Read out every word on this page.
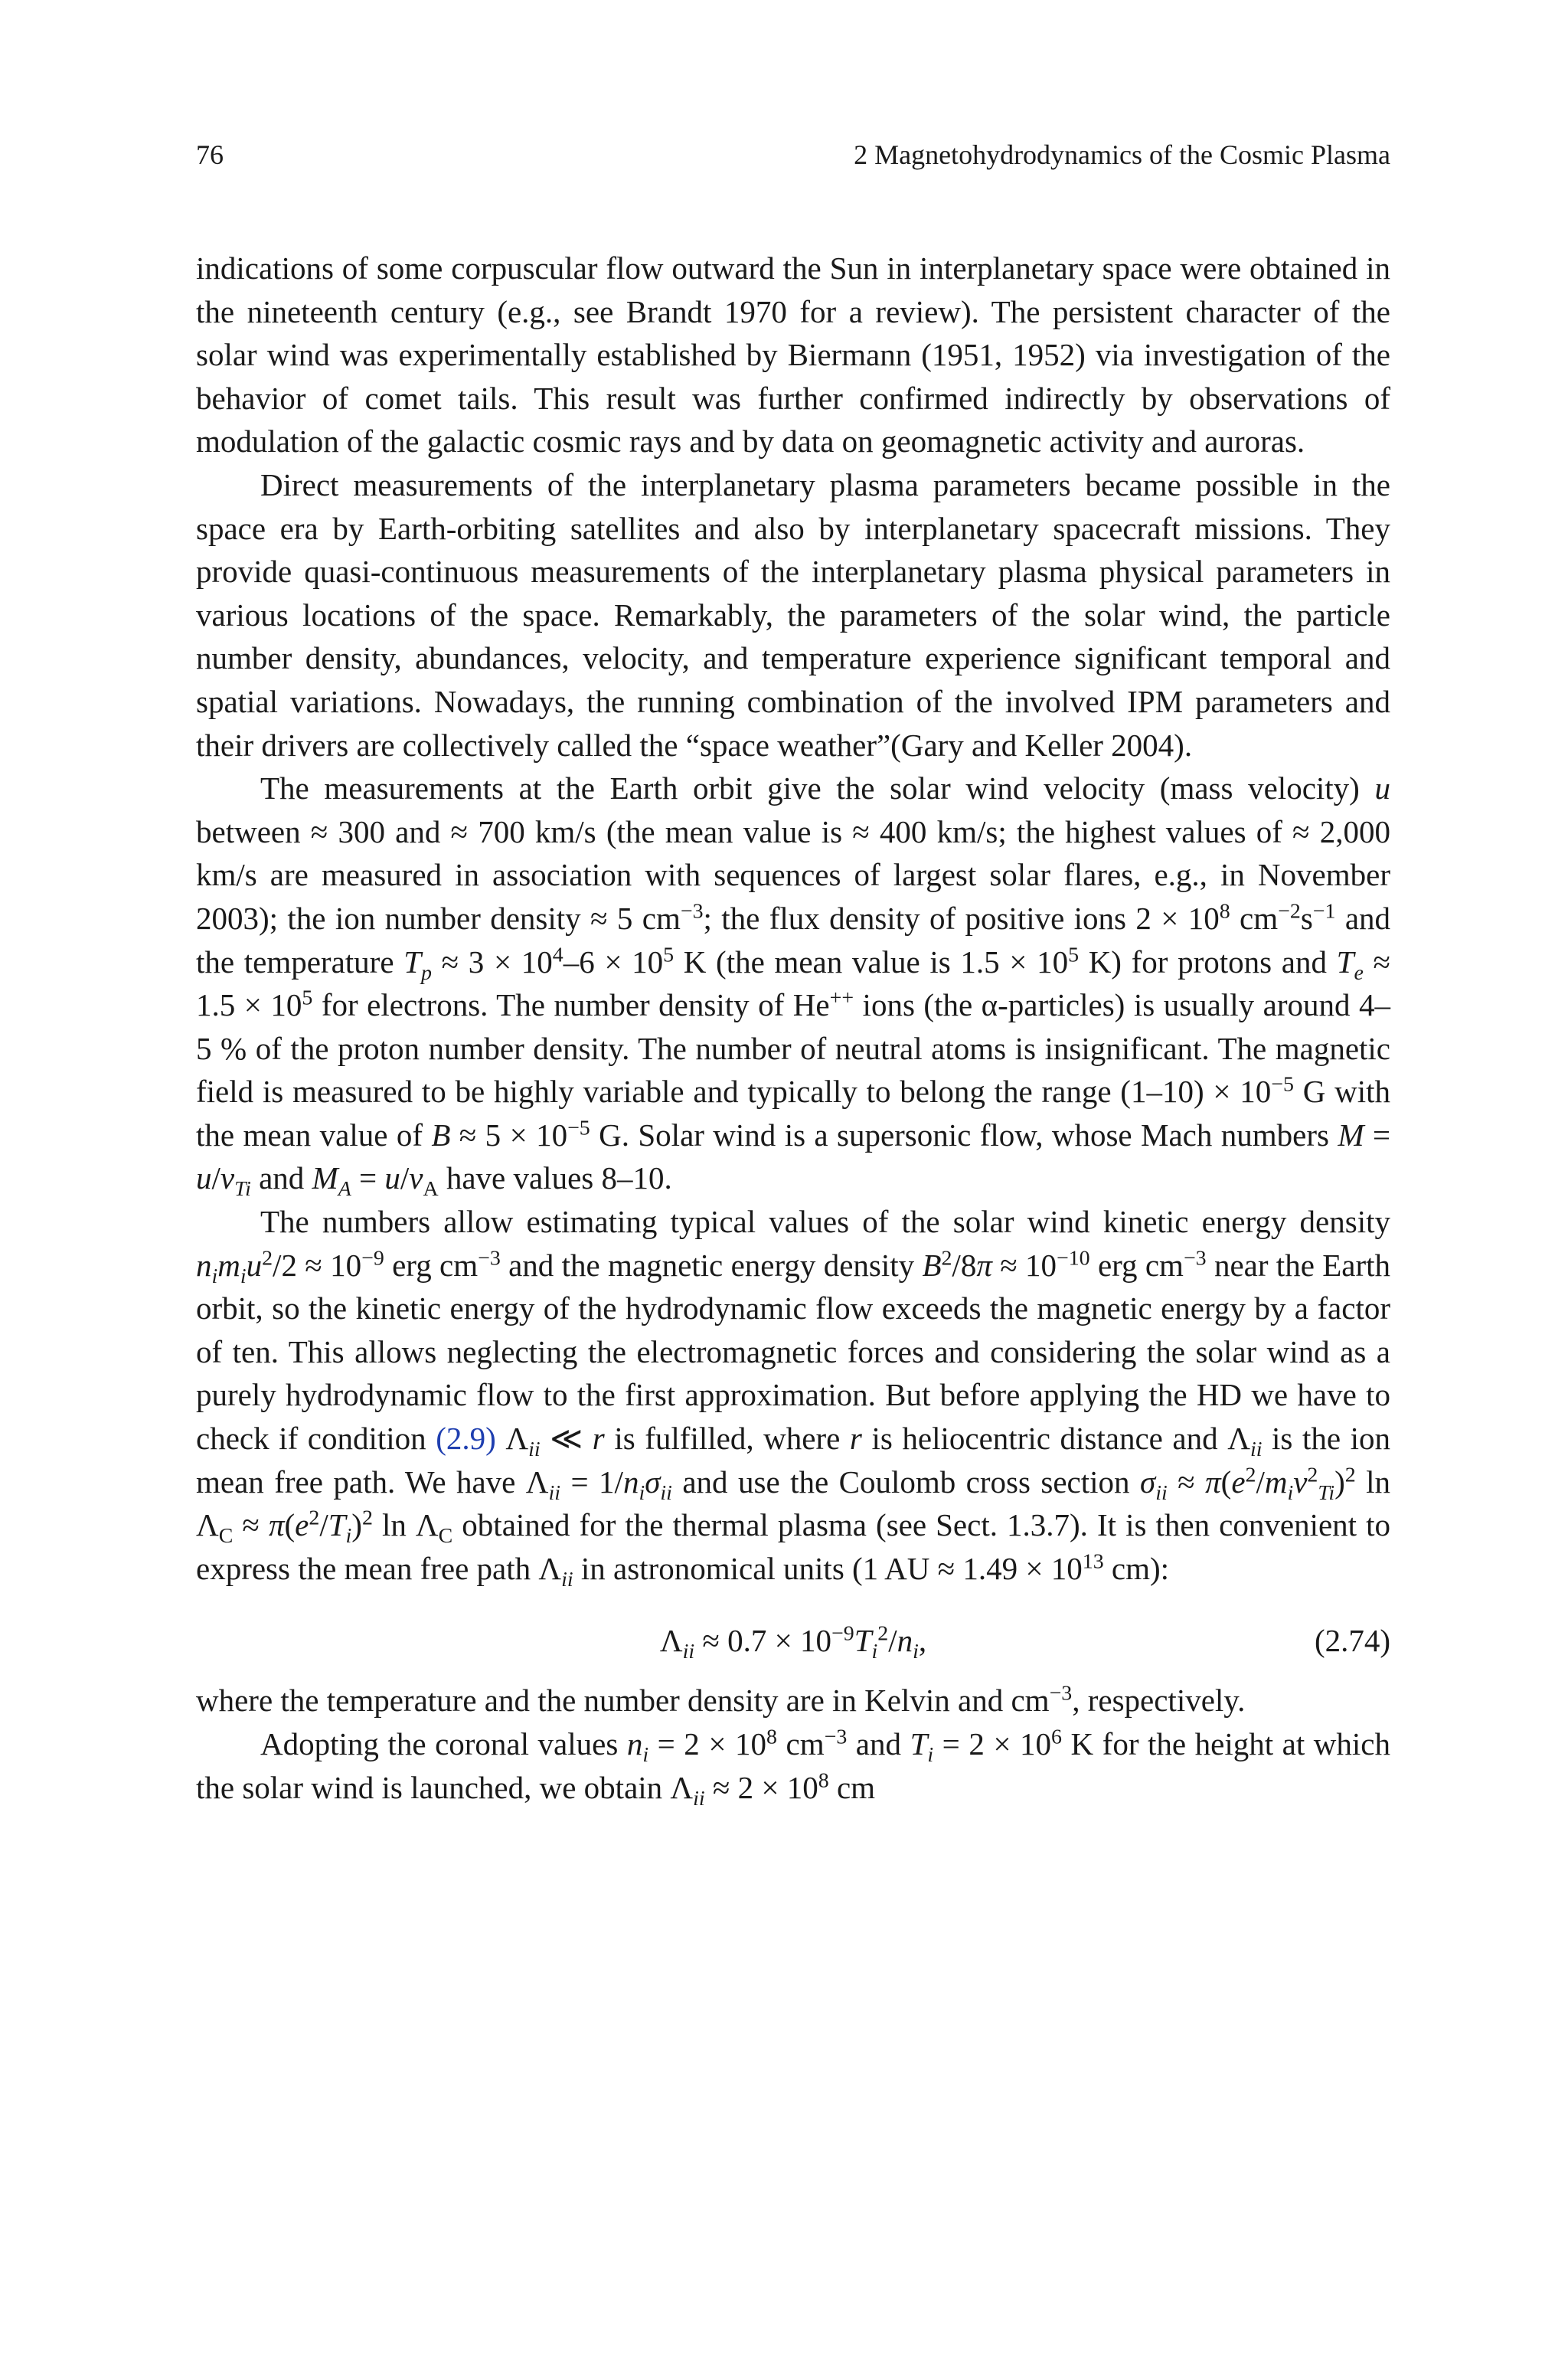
76	2 Magnetohydrodynamics of the Cosmic Plasma

indications of some corpuscular flow outward the Sun in interplanetary space were obtained in the nineteenth century (e.g., see Brandt 1970 for a review). The persistent character of the solar wind was experimentally established by Biermann (1951, 1952) via investigation of the behavior of comet tails. This result was further confirmed indirectly by observations of modulation of the galactic cosmic rays and by data on geomagnetic activity and auroras.

Direct measurements of the interplanetary plasma parameters became possible in the space era by Earth-orbiting satellites and also by interplanetary spacecraft missions. They provide quasi-continuous measurements of the interplanetary plasma physical parameters in various locations of the space. Remarkably, the parameters of the solar wind, the particle number density, abundances, velocity, and temperature experience significant temporal and spatial variations. Nowadays, the running combination of the involved IPM parameters and their drivers are collectively called the “space weather”(Gary and Keller 2004).

The measurements at the Earth orbit give the solar wind velocity (mass velocity) u between ≈ 300 and ≈ 700 km/s (the mean value is ≈ 400 km/s; the highest values of ≈ 2,000 km/s are measured in association with sequences of largest solar flares, e.g., in November 2003); the ion number density ≈ 5 $cm^{-3}$; the flux density of positive ions $2 \times 10^8$ $cm^{-2}s^{-1}$ and the temperature $T_p \approx 3 \times 10^4-6 \times 10^5$ K (the mean value is $1.5 \times 10^5$ K) for protons and $T_e \approx 1.5 \times 10^5$ for electrons. The number density of He++ ions (the α-particles) is usually around 4–5 % of the proton number density. The number of neutral atoms is insignificant. The magnetic field is measured to be highly variable and typically to belong the range $(1-10) \times 10^{-5}$ G with the mean value of $B \approx 5 \times 10^{-5}$ G. Solar wind is a supersonic flow, whose Mach numbers $M = u/v_{Ti}$ and $M_A = u/v_A$ have values 8–10.

The numbers allow estimating typical values of the solar wind kinetic energy density $n_im_iu^2/2 \approx 10^{-9}$ erg $cm^{-3}$ and the magnetic energy density $B^2/8\pi \approx 10^{-10}$ erg $cm^{-3}$ near the Earth orbit, so the kinetic energy of the hydrodynamic flow exceeds the magnetic energy by a factor of ten. This allows neglecting the electromagnetic forces and considering the solar wind as a purely hydrodynamic flow to the first approximation. But before applying the HD we have to check if condition (2.9) $\Lambda_{ii}$ ≪ r is fulfilled, where r is heliocentric distance and $\Lambda_{ii}$ is the ion mean free path. We have $\Lambda_{ii} = 1/n_i\sigma_{ii}$ and use the Coulomb cross section $\sigma_{ii} \approx \pi(e^2/m_iv^2_{Ti})^2$ $\ln \Lambda_C \approx \pi(e^2/T_i)^2$ $\ln \Lambda_C$ obtained for the thermal plasma (see Sect. 1.3.7). It is then convenient to express the mean free path $\Lambda_{ii}$ in astronomical units (1 AU ≈ $1.49 \times 10^{13}$ cm):

$\Lambda_{ii} \approx 0.7 \times 10^{-9}T_i^2/n_i$,	(2.74)

where the temperature and the number density are in Kelvin and $cm^{-3}$, respectively.

Adopting the coronal values $n_i = 2 \times 10^8$ $cm^{-3}$ and $T_i = 2 \times 10^6$ K for the height at which the solar wind is launched, we obtain $\Lambda_{ii} \approx 2 \times 10^8$ cm
